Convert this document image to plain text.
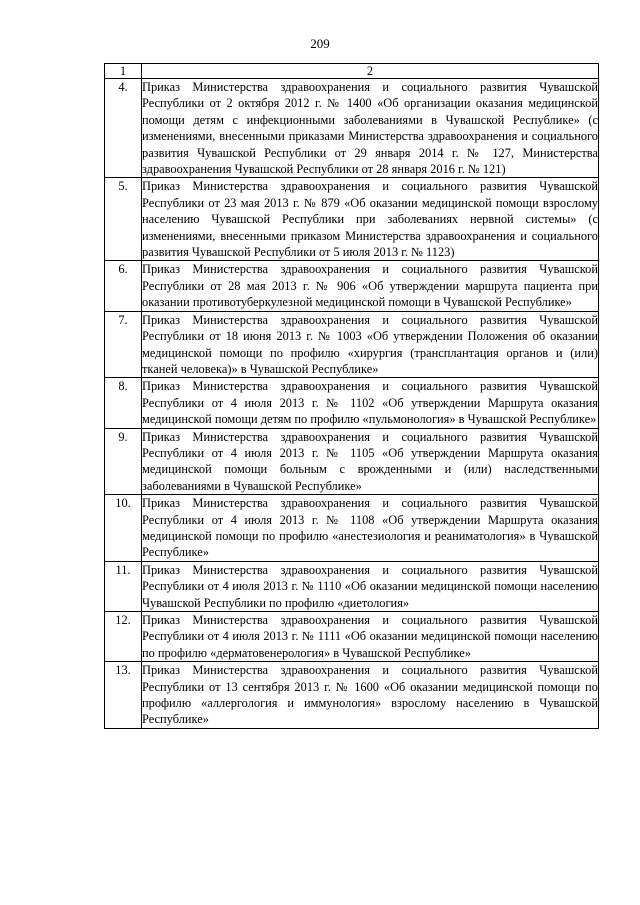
209
1	2
4.	Приказ Министерства здравоохранения и социального развития Чувашской Республики от 2 октября 2012 г. № 1400 «Об организации оказания медицинской помощи детям с инфекционными заболеваниями в Чувашской Республике» (с изменениями, внесенными приказами Министерства здравоохранения и социального развития Чувашской Республики от 29 января 2014 г. № 127, Министерства здравоохранения Чувашской Республики от 28 января 2016 г. № 121)
5.	Приказ Министерства здравоохранения и социального развития Чувашской Республики от 23 мая 2013 г. № 879 «Об оказании медицинской помощи взрослому населению Чувашской Республики при заболеваниях нервной системы» (с изменениями, внесенными приказом Министерства здравоохранения и социального развития Чувашской Республики от 5 июля 2013 г. № 1123)
6.	Приказ Министерства здравоохранения и социального развития Чувашской Республики от 28 мая 2013 г. № 906 «Об утверждении маршрута пациента при оказании противотуберкулезной медицинской помощи в Чувашской Республике»
7.	Приказ Министерства здравоохранения и социального развития Чувашской Республики от 18 июня 2013 г. № 1003 «Об утверждении Положения об оказании медицинской помощи по профилю «хирургия (трансплантация органов и (или) тканей человека)» в Чувашской Республике»
8.	Приказ Министерства здравоохранения и социального развития Чувашской Республики от 4 июля 2013 г. № 1102 «Об утверждении Маршрута оказания медицинской помощи детям по профилю «пульмонология» в Чувашской Республике»
9.	Приказ Министерства здравоохранения и социального развития Чувашской Республики от 4 июля 2013 г. № 1105 «Об утверждении Маршрута оказания медицинской помощи больным с врожденными и (или) наследственными заболеваниями в Чувашской Республике»
10.	Приказ Министерства здравоохранения и социального развития Чувашской Республики от 4 июля 2013 г. № 1108 «Об утверждении Маршрута оказания медицинской помощи по профилю «анестезиология и реаниматология» в Чувашской Республике»
11.	Приказ Министерства здравоохранения и социального развития Чувашской Республики от 4 июля 2013 г. № 1110 «Об оказании медицинской помощи населению Чувашской Республики по профилю «диетология»
12.	Приказ Министерства здравоохранения и социального развития Чувашской Республики от 4 июля 2013 г. № 1111 «Об оказании медицинской помощи населению по профилю «дерматовенерология» в Чувашской Республике»
13.	Приказ Министерства здравоохранения и социального развития Чувашской Республики от 13 сентября 2013 г. № 1600 «Об оказании медицинской помощи по профилю «аллергология и иммунология» взрослому населению в Чувашской Республике»
